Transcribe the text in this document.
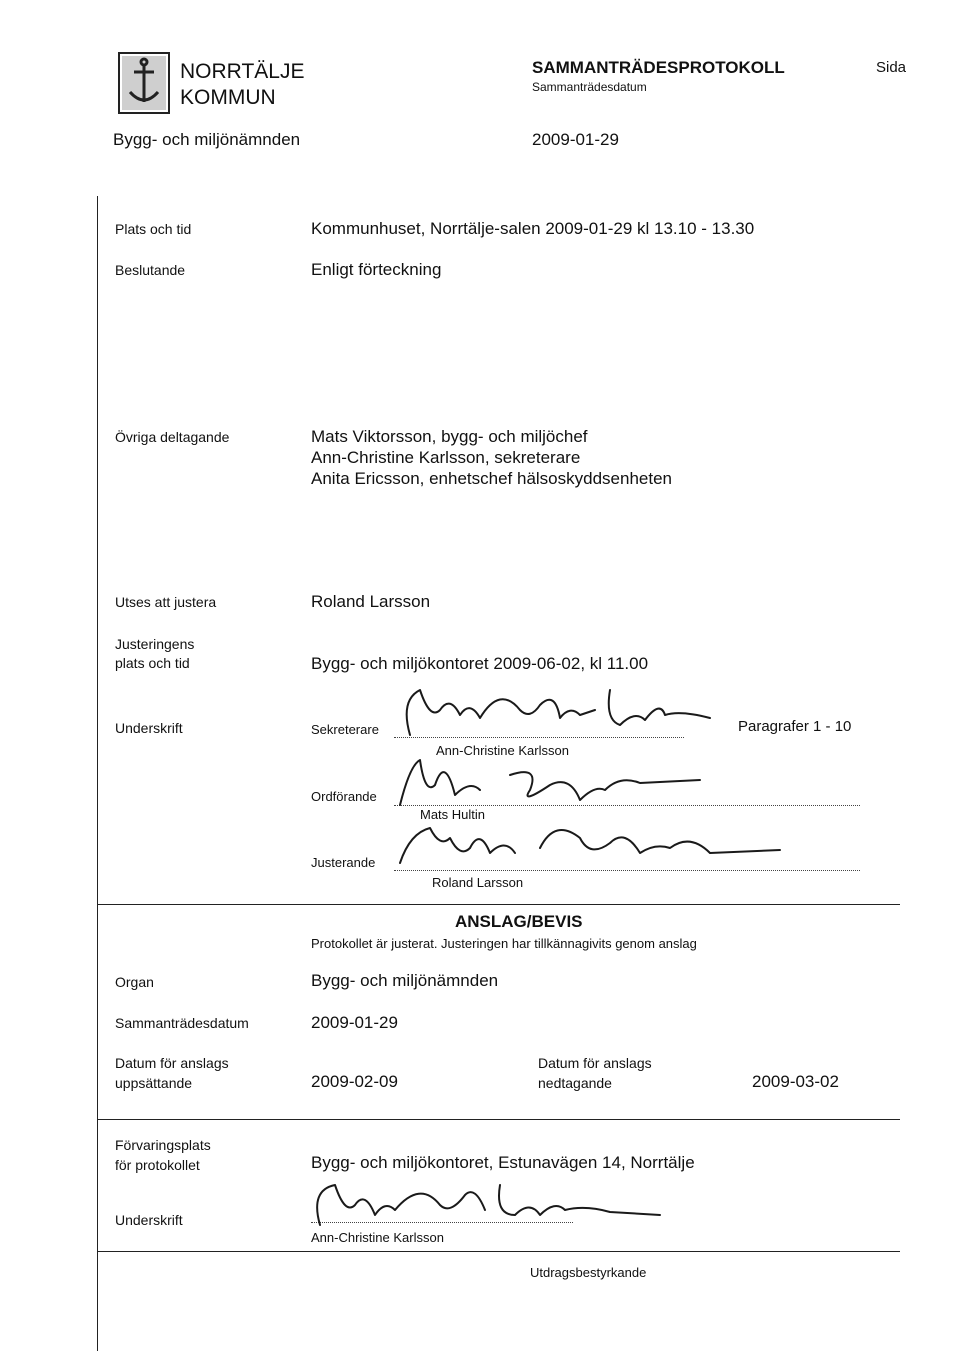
NORRTÄLJE
KOMMUN
SAMMANTRÄDESPROTOKOLL
Sammanträdesdatum
Sida
Bygg- och miljönämnden	2009-01-29
Plats och tid	Kommunhuset, Norrtälje-salen 2009-01-29 kl 13.10 - 13.30
Beslutande	Enligt förteckning
Övriga deltagande	Mats Viktorsson, bygg- och miljöchef
Ann-Christine Karlsson, sekreterare
Anita Ericsson, enhetschef hälsoskyddsenheten
Utses att justera	Roland Larsson
Justeringens
plats och tid	Bygg- och miljökontoret 2009-06-02, kl 11.00
Underskrift	Sekreterare
Ann-Christine Karlsson
Paragrafer 1 - 10
Ordförande
Mats Hultin
Justerande
Roland Larsson
ANSLAG/BEVIS
Protokollet är justerat. Justeringen har tillkännagivits genom anslag
Organ	Bygg- och miljönämnden
Sammanträdesdatum	2009-01-29
Datum för anslags
uppsättande	2009-02-09
Datum för anslags
nedtagande	2009-03-02
Förvaringsplats
för protokollet	Bygg- och miljökontoret, Estunavägen 14, Norrtälje
Underskrift
Ann-Christine Karlsson
Utdragsbestyrkande
